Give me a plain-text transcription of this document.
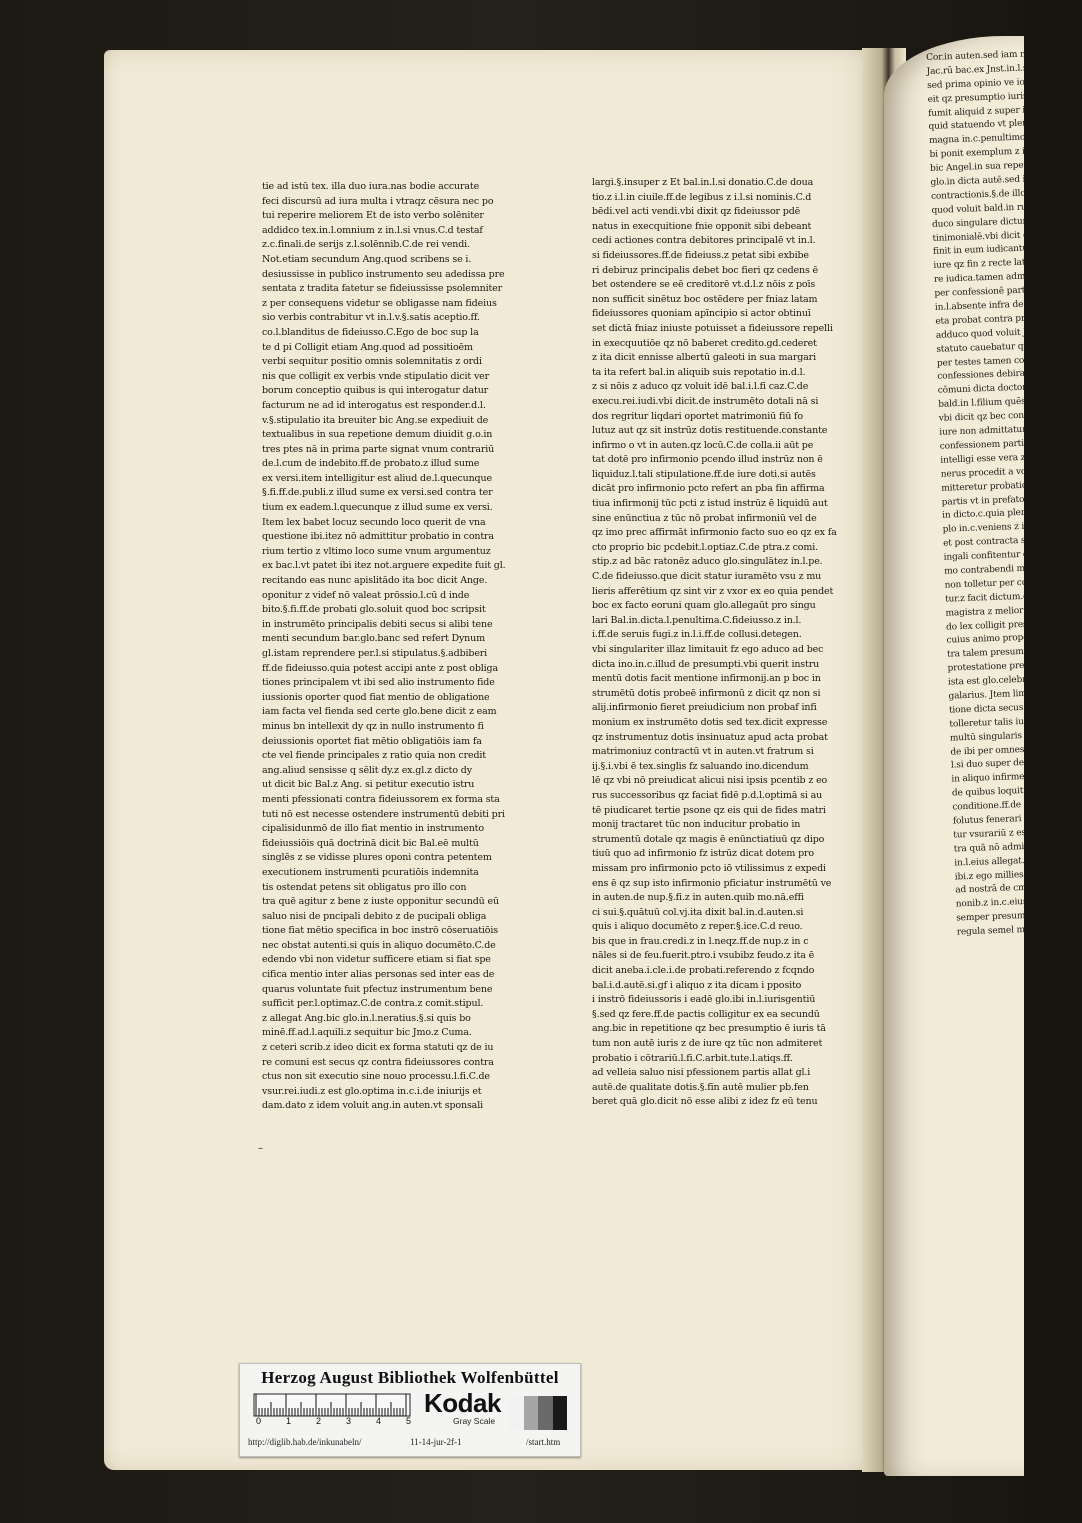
tie ad istū tex. illa duo iura.nas bodie accurate
feci discursū ad iura multa i vtraqz cēsura nec po
tui reperire meliorem Et de isto verbo solēniter
addidco tex.in.l.omnium z in.l.si vnus.C.d testaf
z.c.finali.de serijs z.l.solēnnib.C.de rei vendi.
Not.etiam secundum Ang.quod scribens se i.
desiussisse in publico instrumento seu adedissa pre
sentata z tradita fatetur se fideiussisse psolemniter
z per consequens videtur se obligasse nam fideius
sio verbis contrabitur vt in.l.v.§.satis aceptio.ff.
co.l.blanditus de fideiusso.C.Ego de boc sup la
te d pi Colligit etiam Ang.quod ad possitioēm
verbi sequitur positio omnis solemnitatis z ordi
nis que colligit ex verbis vnde stipulatio dicit ver
borum conceptio quibus is qui interogatur datur
facturum ne ad id interogatus est responder.d.l.
v.§.stipulatio ita breuiter bic Ang.se expediuit de
textualibus in sua repetione demum diuidit g.o.in
tres ptes nā in prima parte signat vnum contrariū
de.l.cum de indebito.ff.de probato.z illud sume
ex versi.item intelligitur est aliud de.l.quecunque
§.fi.ff.de.publi.z illud sume ex versi.sed contra ter
tium ex eadem.l.quecunque z illud sume ex versi.
Item lex babet locuz secundo loco querit de vna
questione ibi.itez nō admittitur probatio in contra
rium tertio z vltimo loco sume vnum argumentuz
ex bac.l.vt patet ibi itez not.arguere expedite fuit gl.
recitando eas nunc apislitādo ita boc dicit Ange.
oponitur z videf nō valeat prōssio.l.cū d inde
bito.§.fi.ff.de probati glo.soluit quod boc scripsit
in instrumēto principalis debiti secus si alibi tene
menti secundum bar.glo.banc sed refert Dynum
gl.istam reprendere per.l.si stipulatus.§.adbiberi
ff.de fideiusso.quia potest accipi ante z post obliga
tiones principalem vt ibi sed alio instrumento fide
iussionis oporter quod fiat mentio de obligatione
iam facta vel fienda sed certe glo.bene dicit z eam
minus bn intellexit dy qz in nullo instrumento fi
deiussionis oportet fiat mētio obligatiōis iam fa
cte vel fiende principales z ratio quia non credit
ang.aliud sensisse q sēlit dy.z ex.gl.z dicto dy
ut dicit bic Bal.z Ang. si petitur executio istru
menti pfessionati contra fideiussorem ex forma sta
tuti nō est necesse ostendere instrumentū debiti pri
cipalisidunmō de illo fiat mentio in instrumento
fideiussiōis quā doctrinā dicit bic Bal.eē multū
singlēs z se vidisse plures oponi contra petentem
executionem instrumenti pcuratiōis indemnita
tis ostendat petens sit obligatus pro illo con
tra quē agitur z bene z iuste opponitur secundū eū
saluo nisi de pncipali debito z de pucipali obliga
tione fiat mētio specifica in boc instrō cōseruatiōis
nec obstat autenti.si quis in aliquo documēto.C.de
edendo vbi non videtur sufficere etiam si fiat spe
cifica mentio inter alias personas sed inter eas de
quarus voluntate fuit pfectuz instrumentum bene
sufficit per.l.optimaz.C.de contra.z comit.stipul.
z allegat Ang.bic glo.in.l.neratius.§.si quis bo
minē.ff.ad.l.aquili.z sequitur bic Jmo.z Cuma.
z ceteri scrib.z ideo dicit ex forma statuti qz de iu
re comuni est secus qz contra fideiussores contra
ctus non sit executio sine nouo processu.l.fi.C.de
vsur.rei.iudi.z est glo.optima in.c.i.de iniurijs et
dam.dato z idem voluit ang.in auten.vt sponsali
largi.§.insuper z Et bal.in.l.si donatio.C.de doua
tio.z i.l.in ciuile.ff.de legibus z i.l.si nominis.C.d
bēdi.vel acti vendi.vbi dixit qz fideiussor pdē
natus in execquitione fnie opponit sibi debeant
cedi actiones contra debitores principalē vt in.l.
si fideiussores.ff.de fideiuss.z petat sibi exbibe
ri debiruz principalis debet boc fieri qz cedens ē
bet ostendere se eē creditorē vt.d.l.z nōis z poīs
non sufficit sinētuz boc ostēdere per fniaz latam
fideiussores quoniam apīncipio si actor obtinuī
set dictā fniaz iniuste potuisset a fideiussore repelli
in execquutiōe qz nō baberet credito.gd.cederet
z ita dicit ennisse albertū galeoti in sua margari
ta ita refert bal.in aliquib suis repotatio in.d.l.
z si nōis z aduco qz voluit idē bal.i.l.fi caz.C.de
execu.rei.iudi.vbi dicit.de instrumēto dotali nā si
dos regritur liqdari oportet matrimoniū fiū fo
lutuz aut qz sit instrūz dotis restituende.constante
infirmo o vt in auten.qz locū.C.de colla.ii aūt pe
tat dotē pro infirmonio pcendo illud instrūz non ē
liquiduz.l.tali stipulatione.ff.de iure doti.si autēs
dicāt pro infirmonio pcto refert an pba fin affirma
tiua infirmonij tūc pcti z istud instrūz ē liquidū aut
sine enūnctiua z tūc nō probat infirmoniū vel de
qz imo prec affirmāt infirmonio facto suo eo qz ex fa
cto proprio bic pcdebit.l.optiaz.C.de ptra.z comi.
stip.z ad bāc ratonēz aduco glo.singulātez in.l.pe.
C.de fideiusso.que dicit statur iuramēto vsu z mu
lieris afferētium qz sint vir z vxor ex eo quia pendet
boc ex facto eoruni quam glo.allegaūt pro singu
lari Bal.in.dicta.l.penultima.C.fideiusso.z in.l.
i.ff.de seruis fugi.z in.l.i.ff.de collusi.detegen.
vbi singulariter illaz limitauit fz ego aduco ad bec
dicta ino.in.c.illud de presumpti.vbi querit instru
mentū dotis facit mentione infirmonij.an p boc in
strumētū dotis probeē infirmonū z dicit qz non si
alij.infirmonio fieret preiudicium non probaf infi
monium ex instrumēto dotis sed tex.dicit expresse
qz instrumentuz dotis insinuatuz apud acta probat
matrimoniuz contractū vt in auten.vt fratrum si
ij.§.i.vbi ē tex.singlis fz saluando ino.dicendum
lē qz vbi nō preiudicat alicui nisi ipsis pcentib z eo
rus successoribus qz faciat fidē p.d.l.optimā si au
tē piudicaret tertie psone qz eis qui de fides matri
monij tractaret tūc non inducitur probatio in
strumentū dotale qz magis ē enūnctiatiuū qz dipo
tiuū quo ad infirmonio fz istrūz dicat dotem pro
missam pro infirmonio pcto iō vtilissimus z expedi
ens ē qz sup isto infirmonio pficiatur instrumētū ve
in auten.de nup.§.fi.z in auten.quib mo.nā.effi
ci sui.§.quātuū col.vj.ita dixit bal.in.d.auten.si
quis i aliquo documēto z reper.§.ice.C.d reuo.
bis que in frau.credi.z in l.neqz.ff.de nup.z in c
nāles si de feu.fuerit.ptro.i vsubibz feudo.z ita ē
dicit aneba.i.cle.i.de probati.referendo z fcqndo
bal.i.d.autē.si.gf i aliquo z ita dicam i pposito
i instrō fideiussoris i eadē glo.ibi in.l.iurisgentiū
§.sed qz fere.ff.de pactis colligitur ex ea secundū
ang.bic in repetitione qz bec presumptio ē iuris tā
tum non autē iuris z de iure qz tūc non admiteret
probatio i cōtrariū.l.fi.C.arbit.tute.l.atiqs.ff.
ad velleia saluo nisi pfessionem partis allat gl.i
autē.de qualitate dotis.§.fin autē mulier pb.fen
beret quā glo.dicit nō esse alibi z idez fz eū tenu
Cor.in auten.sed iam necess
Jac.rū bac.ex Jnst.in.l.sue
sed prima opinio ve ioē est
eit qz presumptio iuris z de
fumit aliquid z super illo
quid statuendo vt plene no
magna in.c.penultimo z ibi
bi ponit exemplum z ibi ex
bic Angel.in sua repetitio.
glo.in dicta autē.sed iam n
contractionis.§.de illo.C.
quod voluit bald.in rubrica
duco singulare dictum Jm
tinimonialē.vbi dicit qz p
finit in eum iudicantum on
iure qz fin z recte lata fu
re iudica.tamen admittitur
per confessionē partis z ad
in.l.absente infra de pena
eta probat contra presump
adduco quod voluit Jnc
statuto cauebatur qz debit
per testes tamen consiliunt
confessiones debiratis.z la
cōmuni dicta doctorum.
bald.in l.filium quēs baben
vbi dicit qz bec contra pre
iure non admittatur probat
confessionem partis.§.ad
intelligi esse vera z proced
nerus procedit a voluntate
mitteretur probatio in con
partis vt in prefato exemp
in dicto.c.quia plerisqz alia
plo in.c.veniens z in.c.tua
et post contracta sponsalia
ingali confitentur copulam
mo contrabendi matrimoni
non tolletur per confessione
tur.z facit dictum.c.is qu
magistra z melior de iure.
do lex colligit presumption
cuius animo proper factu
tra talem presumptiones
protestatione preambula i
ista est glo.celebris z singu
galarius. Jtem limita
tione dicta secus in proba
tolleretur talis iuris pres
multū singularis in.c.frate
de ibi per omnes.z quod v
l.si duo super de aquire.be
in aliquo infirmento dictur
de quibus loquitur glo.sing
conditione.ff.de condic.in
folutus fenerari qz tunc illu
tur vsurariū z est presump
tra quā nō admittitur proba
in.l.eius allegat.C.de vsur
ibi.z ego millies ita consul
ad nostrā de cmpti.z vendi.
nonib.z in.c.eius quest de
semper presumitur malus in
regula semel malus de regu
–
Herzog August Bibliothek Wolfenbüttel
0	1	2	3	4	5
Kodak
Gray Scale
http://diglib.hab.de/inkunabeln/	11-14-jur-2f-1	/start.htm
